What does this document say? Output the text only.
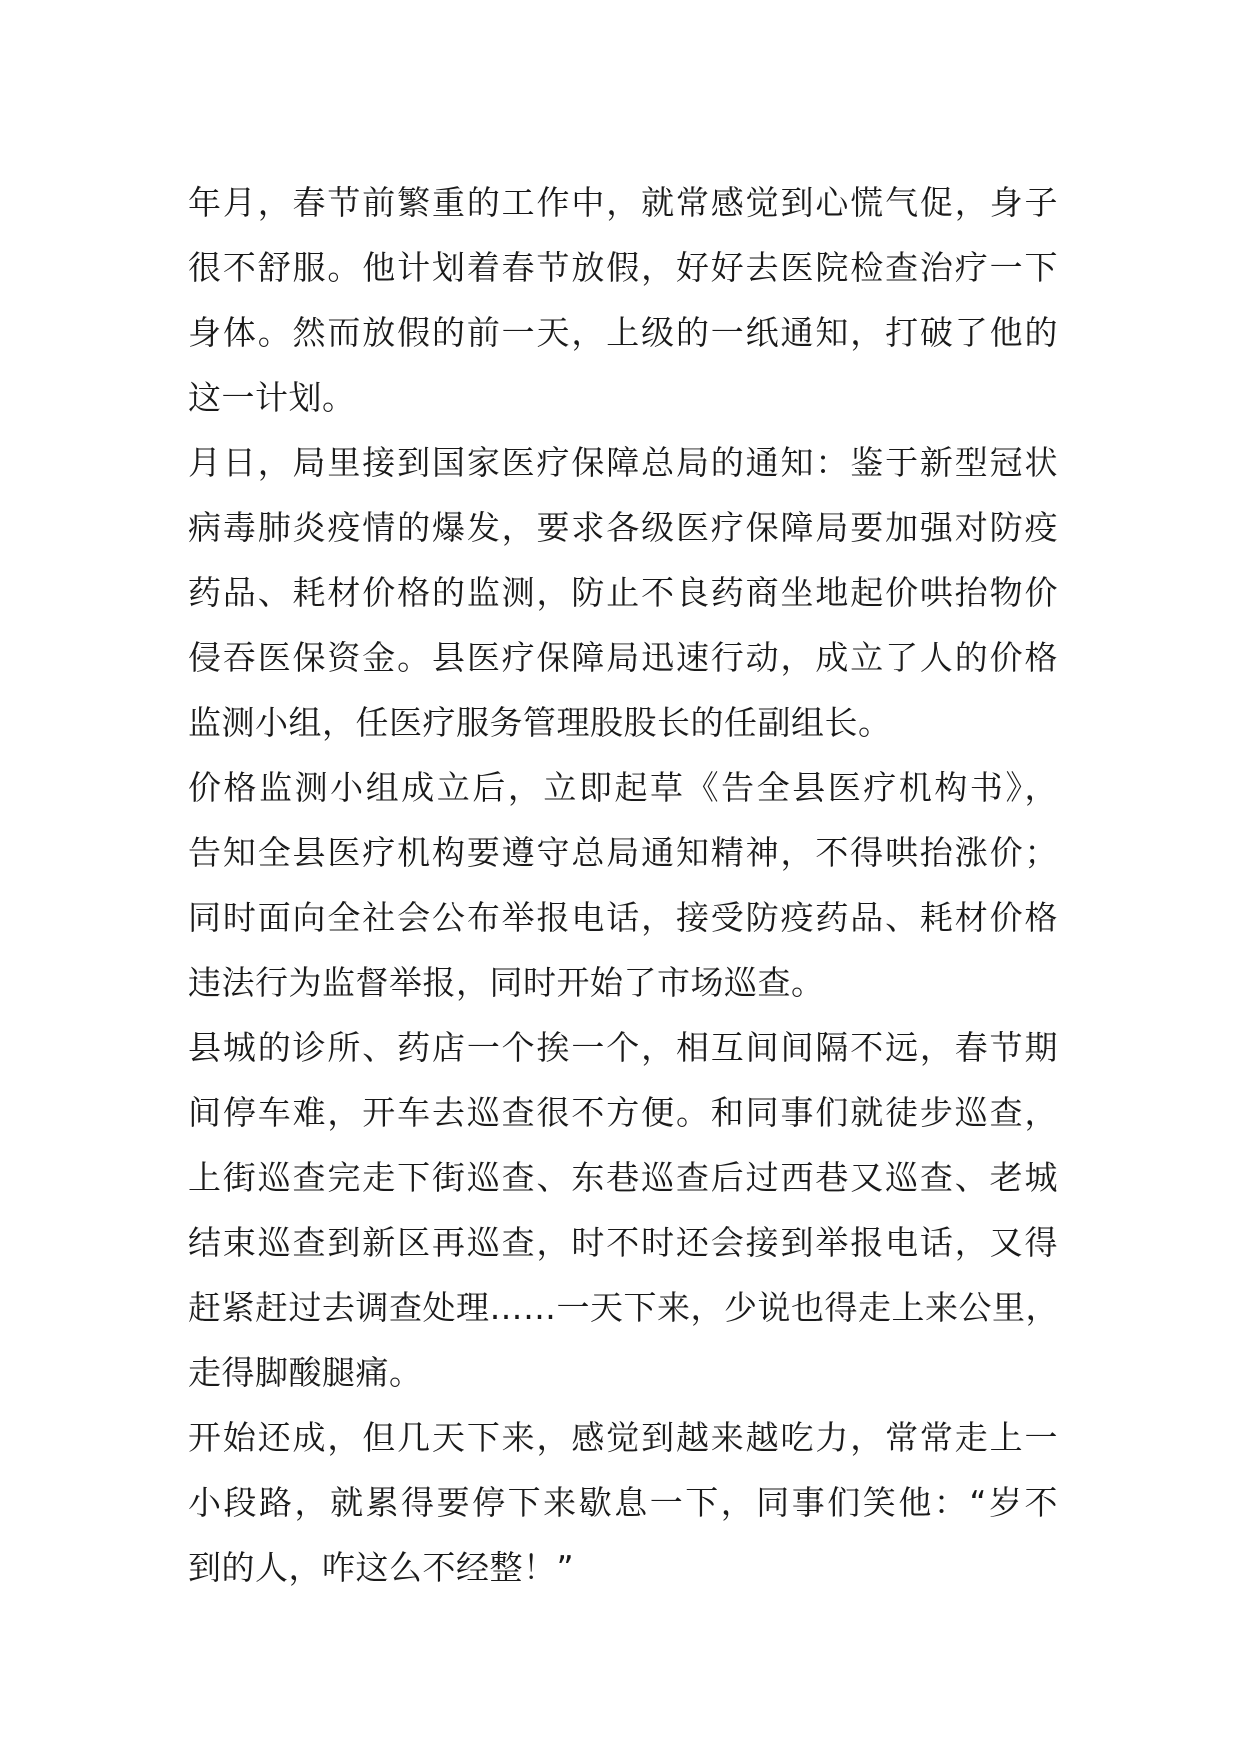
年月，春节前繁重的工作中，就常感觉到心慌气促，身子
很不舒服。他计划着春节放假，好好去医院检查治疗一下
身体。然而放假的前一天，上级的一纸通知，打破了他的
这一计划。
月日，局里接到国家医疗保障总局的通知：鉴于新型冠状
病毒肺炎疫情的爆发，要求各级医疗保障局要加强对防疫
药品、耗材价格的监测，防止不良药商坐地起价哄抬物价
侵吞医保资金。县医疗保障局迅速行动，成立了人的价格
监测小组，任医疗服务管理股股长的任副组长。
价格监测小组成立后，立即起草《告全县医疗机构书》，
告知全县医疗机构要遵守总局通知精神，不得哄抬涨价；
同时面向全社会公布举报电话，接受防疫药品、耗材价格
违法行为监督举报，同时开始了市场巡查。
县城的诊所、药店一个挨一个，相互间间隔不远，春节期
间停车难，开车去巡查很不方便。和同事们就徒步巡查，
上街巡查完走下街巡查、东巷巡查后过西巷又巡查、老城
结束巡查到新区再巡查，时不时还会接到举报电话，又得
赶紧赶过去调查处理……一天下来，少说也得走上来公里，
走得脚酸腿痛。
开始还成，但几天下来，感觉到越来越吃力，常常走上一
小段路，就累得要停下来歇息一下，同事们笑他：“岁不
到的人，咋这么不经整！”
